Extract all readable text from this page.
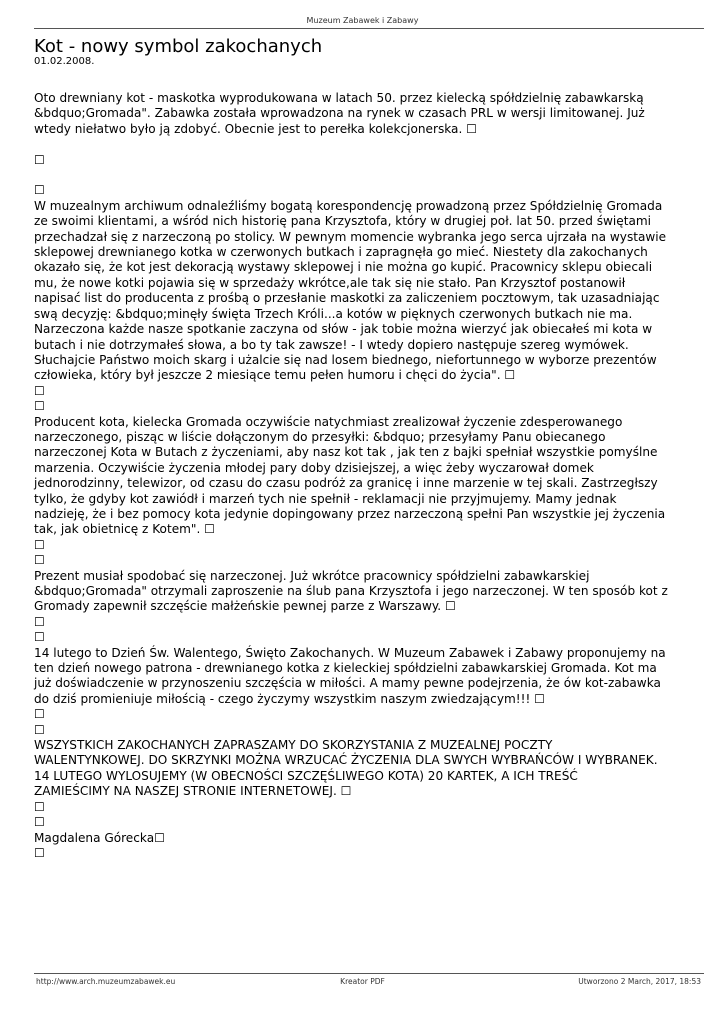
Muzeum Zabawek i Zabawy
Kot - nowy symbol zakochanych
01.02.2008.

Oto drewniany kot - maskotka wyprodukowana w latach 50. przez kielecką spółdzielnię zabawkarską
&bdquo;Gromada". Zabawka została wprowadzona na rynek w czasach PRL w wersji limitowanej. Już
wtedy niełatwo było ją zdobyć. Obecnie jest to perełka kolekcjonerska. ☐

☐

☐
W muzealnym archiwum odnaleźliśmy bogatą korespondencję prowadzoną przez Spółdzielnię Gromada
ze swoimi klientami, a wśród nich historię pana Krzysztofa, który w drugiej poł. lat 50. przed świętami
przechadzał się z narzeczoną po stolicy. W pewnym momencie wybranka jego serca ujrzała na wystawie
sklepowej drewnianego kotka w czerwonych butkach i zapragnęła go mieć. Niestety dla zakochanych
okazało się, że kot jest dekoracją wystawy sklepowej i nie można go kupić. Pracownicy sklepu obiecali
mu, że nowe kotki pojawia się w sprzedaży wkrótce,ale tak się nie stało. Pan Krzysztof postanowił
napisać list do producenta z prośbą o przesłanie maskotki za zaliczeniem pocztowym, tak uzasadniając
swą decyzję: &bdquo;minęły święta Trzech Króli...a kotów w pięknych czerwonych butkach nie ma.
Narzeczona każde nasze spotkanie zaczyna od słów - jak tobie można wierzyć jak obiecałeś mi kota w
butach i nie dotrzymałeś słowa, a bo ty tak zawsze! - I wtedy dopiero następuje szereg wymówek.
Słuchajcie Państwo moich skarg i użalcie się nad losem biednego, niefortunnego w wyborze prezentów
człowieka, który był jeszcze 2 miesiące temu pełen humoru i chęci do życia". ☐
☐
☐
Producent kota, kielecka Gromada oczywiście natychmiast zrealizował życzenie zdesperowanego
narzeczonego, pisząc w liście dołączonym do przesyłki: &bdquo; przesyłamy Panu obiecanego
narzeczonej Kota w Butach z życzeniami, aby nasz kot tak , jak ten z bajki spełniał wszystkie pomyślne
marzenia. Oczywiście życzenia młodej pary doby dzisiejszej, a więc żeby wyczarował domek
jednorodzinny, telewizor, od czasu do czasu podróż za granicę i inne marzenie w tej skali. Zastrzegłszy
tylko, że gdyby kot zawiódł i marzeń tych nie spełnił - reklamacji nie przyjmujemy. Mamy jednak
nadzieję, że i bez pomocy kota jedynie dopingowany przez narzeczoną spełni Pan wszystkie jej życzenia
tak, jak obietnicę z Kotem". ☐
☐
☐
Prezent musiał spodobać się narzeczonej. Już wkrótce pracownicy spółdzielni zabawkarskiej
&bdquo;Gromada" otrzymali zaproszenie na ślub pana Krzysztofa i jego narzeczonej. W ten sposób kot z
Gromady zapewnił szczęście małżeńskie pewnej parze z Warszawy. ☐
☐
☐
14 lutego to Dzień Św. Walentego, Święto Zakochanych. W Muzeum Zabawek i Zabawy proponujemy na
ten dzień nowego patrona - drewnianego kotka z kieleckiej spółdzielni zabawkarskiej Gromada. Kot ma
już doświadczenie w przynoszeniu szczęścia w miłości. A mamy pewne podejrzenia, że ów kot-zabawka
do dziś promieniuje miłością - czego życzymy wszystkim naszym zwiedzającym!!! ☐
☐
☐
WSZYSTKICH ZAKOCHANYCH ZAPRASZAMY DO SKORZYSTANIA Z MUZEALNEJ POCZTY
WALENTYNKOWEJ. DO SKRZYNKI MOŻNA WRZUCAĆ ŻYCZENIA DLA SWYCH WYBRAŃCÓW I WYBRANEK.
14 LUTEGO WYLOSUJEMY (W OBECNOŚCI SZCZĘŚLIWEGO KOTA) 20 KARTEK, A ICH TREŚĆ
ZAMIEŚCIMY NA NASZEJ STRONIE INTERNETOWEJ. ☐
☐
☐
Magdalena Górecka☐
☐

http://www.arch.muzeumzabawek.eu	Kreator PDF	Utworzono 2 March, 2017, 18:53
